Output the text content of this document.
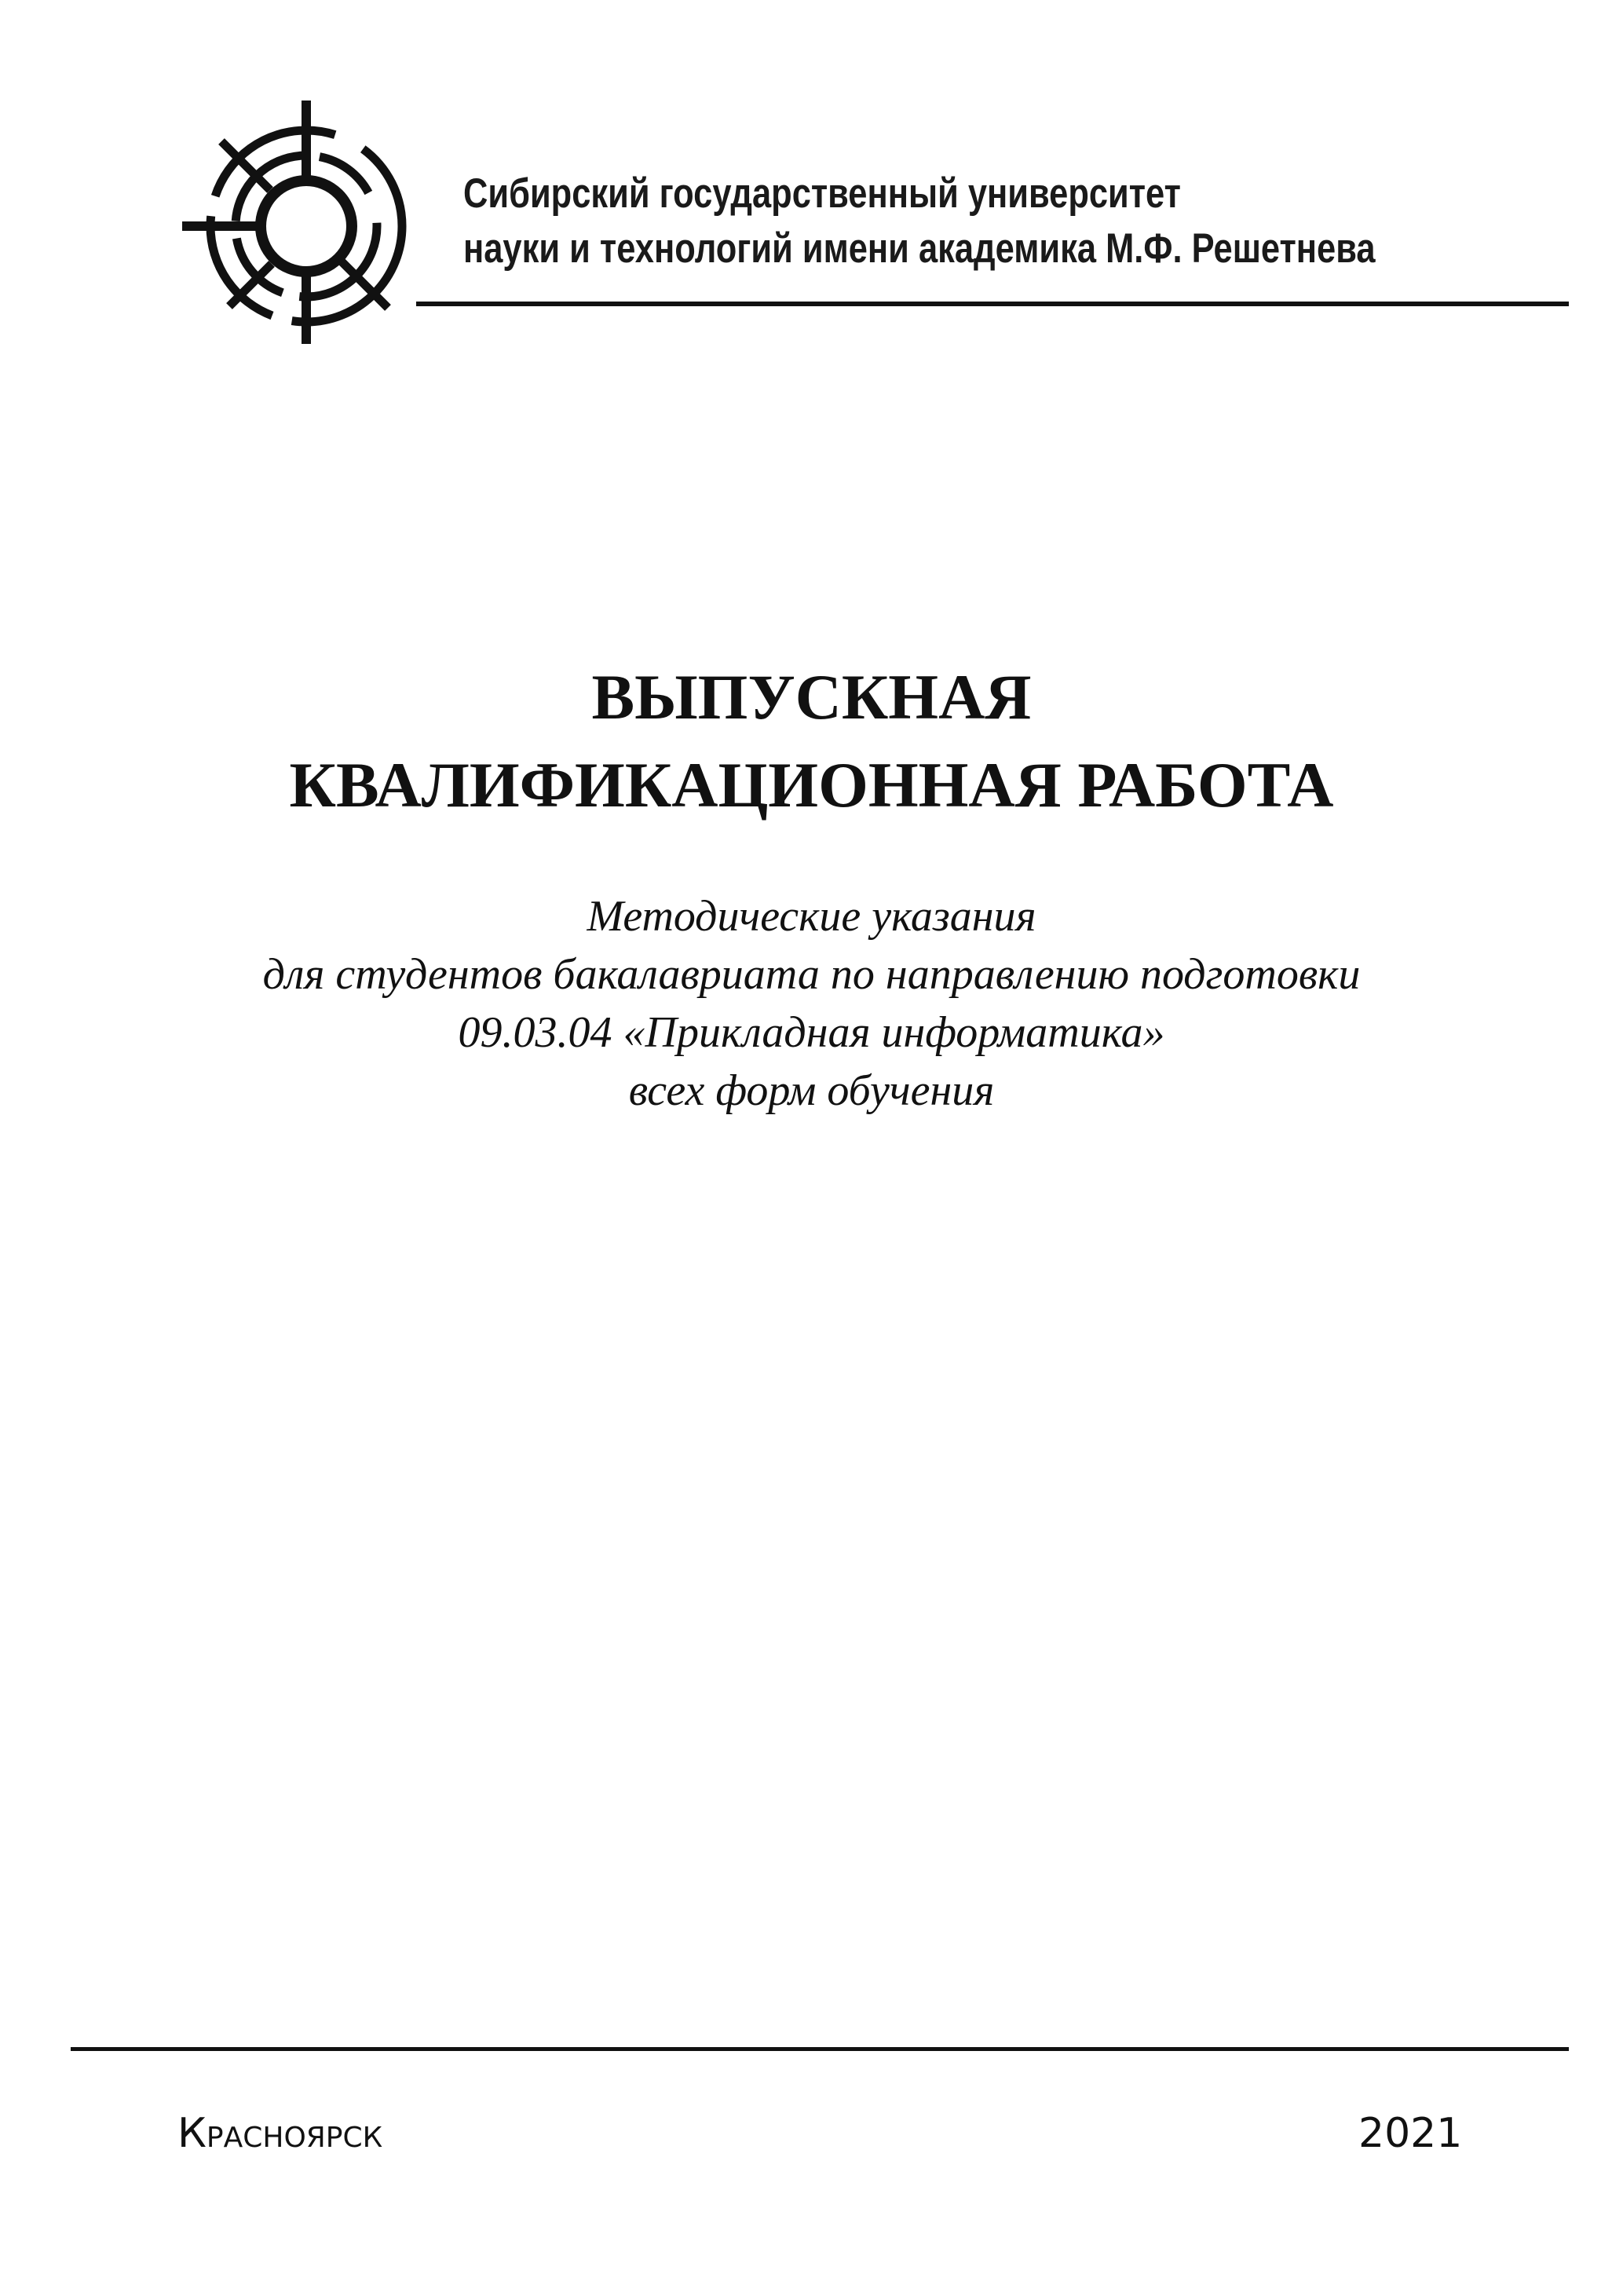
Сибирский государственный университет
науки и технологий имени академика М.Ф. Решетнева
ВЫПУСКНАЯ
КВАЛИФИКАЦИОННАЯ РАБОТА
Методические указания
для студентов бакалавриата по направлению подготовки
09.03.04 «Прикладная информатика»
всех форм обучения
Красноярск	2021
